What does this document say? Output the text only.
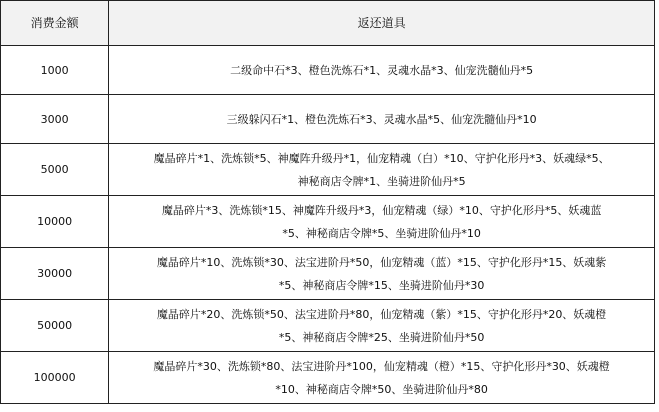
消费金额	返还道具
1000	二级命中石*3、橙色洗炼石*1、灵魂水晶*3、仙宠洗髓仙丹*5

3000	三级躲闪石*1、橙色洗炼石*3、灵魂水晶*5、仙宠洗髓仙丹*10

5000	魔晶碎片*1、洗炼锁*5、神魔阵升级丹*1，仙宠精魂（白）*10、守护化形丹*3、妖魂绿*5、
神秘商店令牌*1、坐骑进阶仙丹*5

10000	魔晶碎片*3、洗炼锁*15、神魔阵升级丹*3，仙宠精魂（绿）*10、守护化形丹*5、妖魂蓝
*5、神秘商店令牌*5、坐骑进阶仙丹*10

30000	魔晶碎片*10、洗炼锁*30、法宝进阶丹*50，仙宠精魂（蓝）*15、守护化形丹*15、妖魂紫
*5、神秘商店令牌*15、坐骑进阶仙丹*30

50000	魔晶碎片*20、洗炼锁*50、法宝进阶丹*80，仙宠精魂（紫）*15、守护化形丹*20、妖魂橙
*5、神秘商店令牌*25、坐骑进阶仙丹*50

100000	魔晶碎片*30、洗炼锁*80、法宝进阶丹*100，仙宠精魂（橙）*15、守护化形丹*30、妖魂橙
*10、神秘商店令牌*50、坐骑进阶仙丹*80
